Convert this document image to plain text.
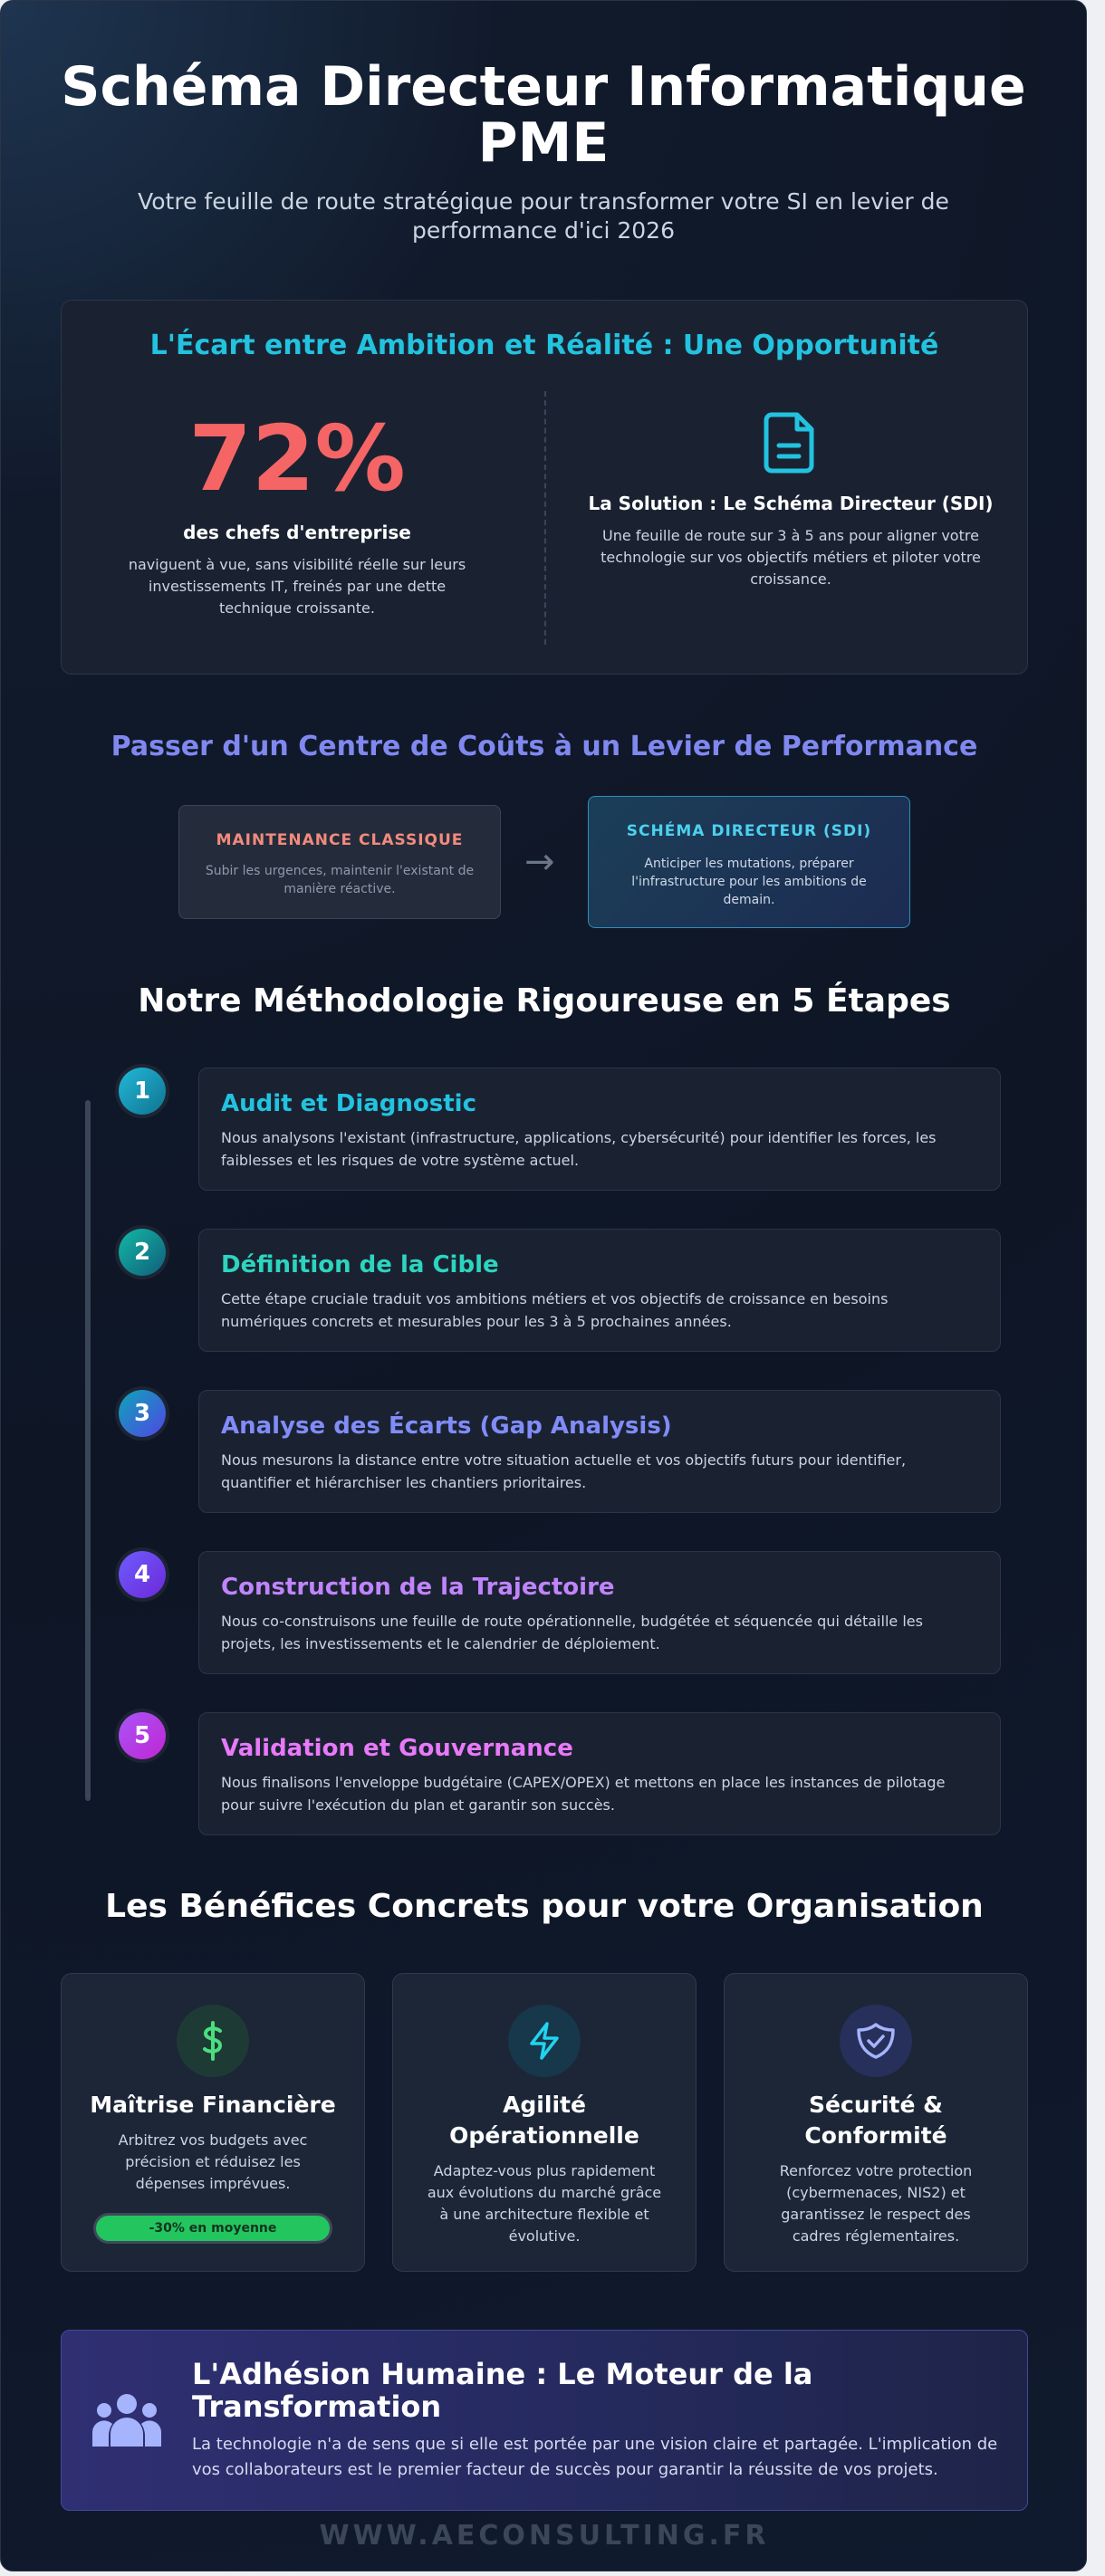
Schéma Directeur Informatique PME

Votre feuille de route stratégique pour transformer votre SI en levier de performance d'ici 2026

L'Écart entre Ambition et Réalité : Une Opportunité
72%
des chefs d'entreprise
naviguent à vue, sans visibilité réelle sur leurs investissements IT, freinés par une dette technique croissante.
La Solution : Le Schéma Directeur (SDI)
Une feuille de route sur 3 à 5 ans pour aligner votre technologie sur vos objectifs métiers et piloter votre croissance.
Passer d'un Centre de Coûts à un Levier de Performance
MAINTENANCE CLASSIQUE

Subir les urgences, maintenir l'existant de manière réactive.

→
SCHÉMA DIRECTEUR (SDI)

Anticiper les mutations, préparer l'infrastructure pour les ambitions de demain.

Notre Méthodologie Rigoureuse en 5 Étapes
1	Audit et Diagnostic

Nous analysons l'existant (infrastructure, applications, cybersécurité) pour identifier les forces, les faiblesses et les risques de votre système actuel.

2	Définition de la Cible

Cette étape cruciale traduit vos ambitions métiers et vos objectifs de croissance en besoins numériques concrets et mesurables pour les 3 à 5 prochaines années.

3	Analyse des Écarts (Gap Analysis)

Nous mesurons la distance entre votre situation actuelle et vos objectifs futurs pour identifier, quantifier et hiérarchiser les chantiers prioritaires.

4	Construction de la Trajectoire

Nous co-construisons une feuille de route opérationnelle, budgétée et séquencée qui détaille les projets, les investissements et le calendrier de déploiement.

5	Validation et Gouvernance

Nous finalisons l'enveloppe budgétaire (CAPEX/OPEX) et mettons en place les instances de pilotage pour suivre l'exécution du plan et garantir son succès.

Les Bénéfices Concrets pour votre Organisation
Maîtrise Financière

Arbitrez vos budgets avec précision et réduisez les dépenses imprévues.

-30% en moyenne
Agilité Opérationnelle

Adaptez-vous plus rapidement aux évolutions du marché grâce à une architecture flexible et évolutive.

Sécurité & Conformité

Renforcez votre protection (cybermenaces, NIS2) et garantissez le respect des cadres réglementaires.

L'Adhésion Humaine : Le Moteur de la Transformation

La technologie n'a de sens que si elle est portée par une vision claire et partagée. L'implication de vos collaborateurs est le premier facteur de succès pour garantir la réussite de vos projets.

WWW.AECONSULTING.FR
